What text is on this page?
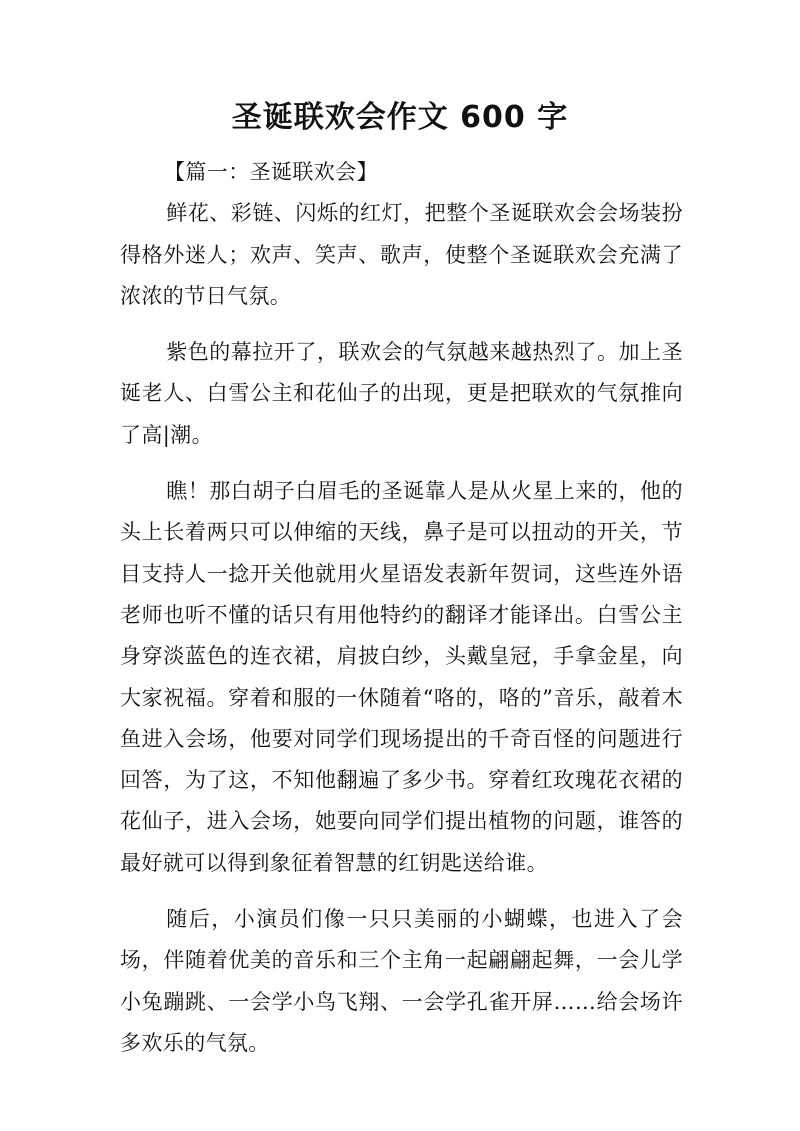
圣诞联欢会作文 600 字

【篇一：圣诞联欢会】

鲜花、彩链、闪烁的红灯，把整个圣诞联欢会会场装扮得格外迷人；欢声、笑声、歌声，使整个圣诞联欢会充满了浓浓的节日气氛。

紫色的幕拉开了，联欢会的气氛越来越热烈了。加上圣诞老人、白雪公主和花仙子的出现，更是把联欢的气氛推向了高|潮。

瞧！那白胡子白眉毛的圣诞靠人是从火星上来的，他的头上长着两只可以伸缩的天线，鼻子是可以扭动的开关，节目支持人一捻开关他就用火星语发表新年贺词，这些连外语老师也听不懂的话只有用他特约的翻译才能译出。白雪公主身穿淡蓝色的连衣裙，肩披白纱，头戴皇冠，手拿金星，向大家祝福。穿着和服的一休随着“咯的，咯的”音乐，敲着木鱼进入会场，他要对同学们现场提出的千奇百怪的问题进行回答，为了这，不知他翻遍了多少书。穿着红玫瑰花衣裙的花仙子，进入会场，她要向同学们提出植物的问题，谁答的最好就可以得到象征着智慧的红钥匙送给谁。

随后，小演员们像一只只美丽的小蝴蝶，也进入了会场，伴随着优美的音乐和三个主角一起翩翩起舞，一会儿学小兔蹦跳、一会学小鸟飞翔、一会学孔雀开屏……给会场许多欢乐的气氛。
